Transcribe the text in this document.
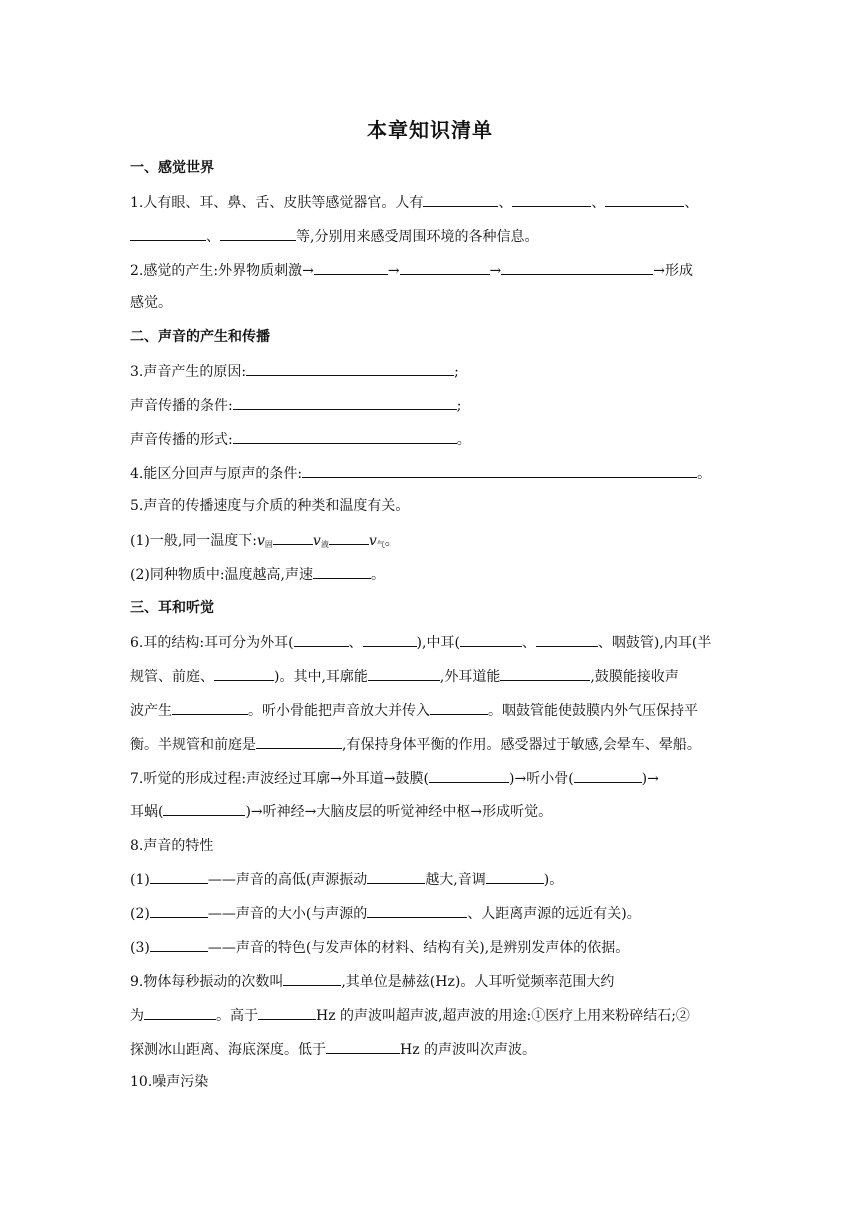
本章知识清单
一、感觉世界
1.人有眼、耳、鼻、舌、皮肤等感觉器官。人有	、	、	、
、	等,分别用来感受周围环境的各种信息。
2.感觉的产生:外界物质刺激→	→	→	→形成
感觉。
二、声音的产生和传播
3.声音产生的原因:	;
声音传播的条件:	;
声音传播的形式:	。
4.能区分回声与原声的条件:	。
5.声音的传播速度与介质的种类和温度有关。
(1)一般,同一温度下$:v_固$	$v_液$	$v_气$。
(2)同种物质中:温度越高,声速	。
三、耳和听觉
6.耳的结构:耳可分为外耳(	、	),中耳(	、	、咽鼓管),内耳(半
规管、前庭、	)。其中,耳廓能	,外耳道能	,鼓膜能接收声
波产生	。听小骨能把声音放大并传入	。咽鼓管能使鼓膜内外气压保持平
衡。半规管和前庭是	,有保持身体平衡的作用。感受器过于敏感,会晕车、晕船。
7.听觉的形成过程:声波经过耳廓→外耳道→鼓膜(	)→听小骨(	)→
耳蜗(	)→听神经→大脑皮层的听觉神经中枢→形成听觉。
8.声音的特性
(1)	——声音的高低(声源振动	越大,音调	)。
(2)	——声音的大小(与声源的	、人距离声源的远近有关)。
(3)	——声音的特色(与发声体的材料、结构有关),是辨别发声体的依据。
9.物体每秒振动的次数叫	,其单位是赫兹(Hz)。人耳听觉频率范围大约
为	。高于	Hz 的声波叫超声波,超声波的用途:①医疗上用来粉碎结石;②
探测冰山距离、海底深度。低于	Hz 的声波叫次声波。
10.噪声污染
